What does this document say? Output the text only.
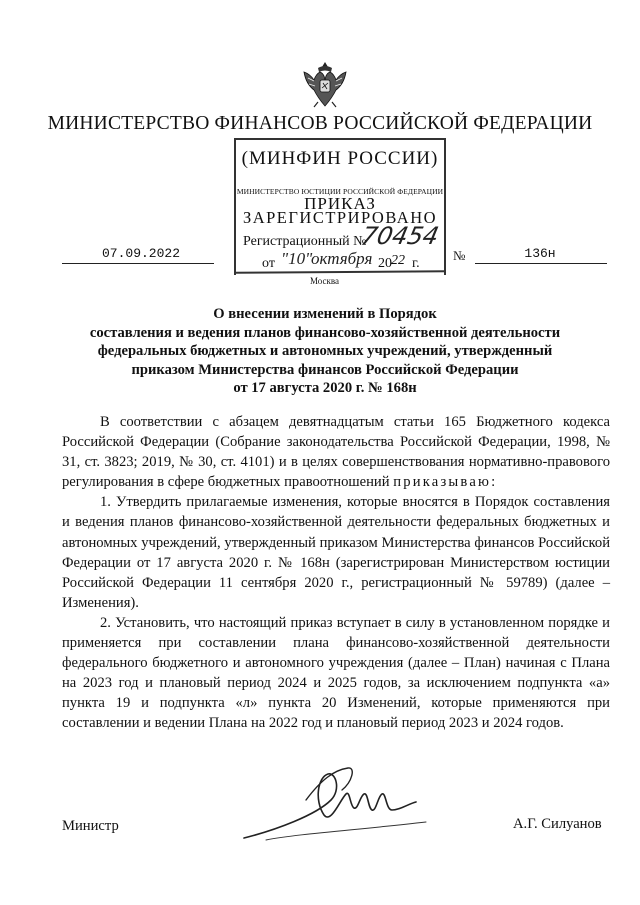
МИНИСТЕРСТВО ФИНАНСОВ РОССИЙСКОЙ ФЕДЕРАЦИИ
(МИНФИН РОССИИ)
МИНИСТЕРСТВО ЮСТИЦИИ РОССИЙСКОЙ ФЕДЕРАЦИИ
ПРИКАЗ
ЗАРЕГИСТРИРОВАНО
Регистрационный №
70454
от "10"
октября 20 22 г.
Москва
07.09.2022	№	136н
О внесении изменений в Порядок
составления и ведения планов финансово-хозяйственной деятельности
федеральных бюджетных и автономных учреждений, утвержденный
приказом Министерства финансов Российской Федерации
от 17 августа 2020 г. № 168н

В соответствии с абзацем девятнадцатым статьи 165 Бюджетного кодекса Российской Федерации (Собрание законодательства Российской Федерации, 1998, № 31, ст. 3823; 2019, № 30, ст. 4101) и в целях совершенствования нормативно-правового регулирования в сфере бюджетных правоотношений приказываю:

1. Утвердить прилагаемые изменения, которые вносятся в Порядок составления и ведения планов финансово-хозяйственной деятельности федеральных бюджетных и автономных учреждений, утвержденный приказом Министерства финансов Российской Федерации от 17 августа 2020 г. № 168н (зарегистрирован Министерством юстиции Российской Федерации 11 сентября 2020 г., регистрационный № 59789) (далее – Изменения).

2. Установить, что настоящий приказ вступает в силу в установленном порядке и применяется при составлении плана финансово-хозяйственной деятельности федерального бюджетного и автономного учреждения (далее – План) начиная с Плана на 2023 год и плановый период 2024 и 2025 годов, за исключением подпункта «а» пункта 19 и подпункта «л» пункта 20 Изменений, которые применяются при составлении и ведении Плана на 2022 год и плановый период 2023 и 2024 годов.

Министр	А.Г. Силуанов
